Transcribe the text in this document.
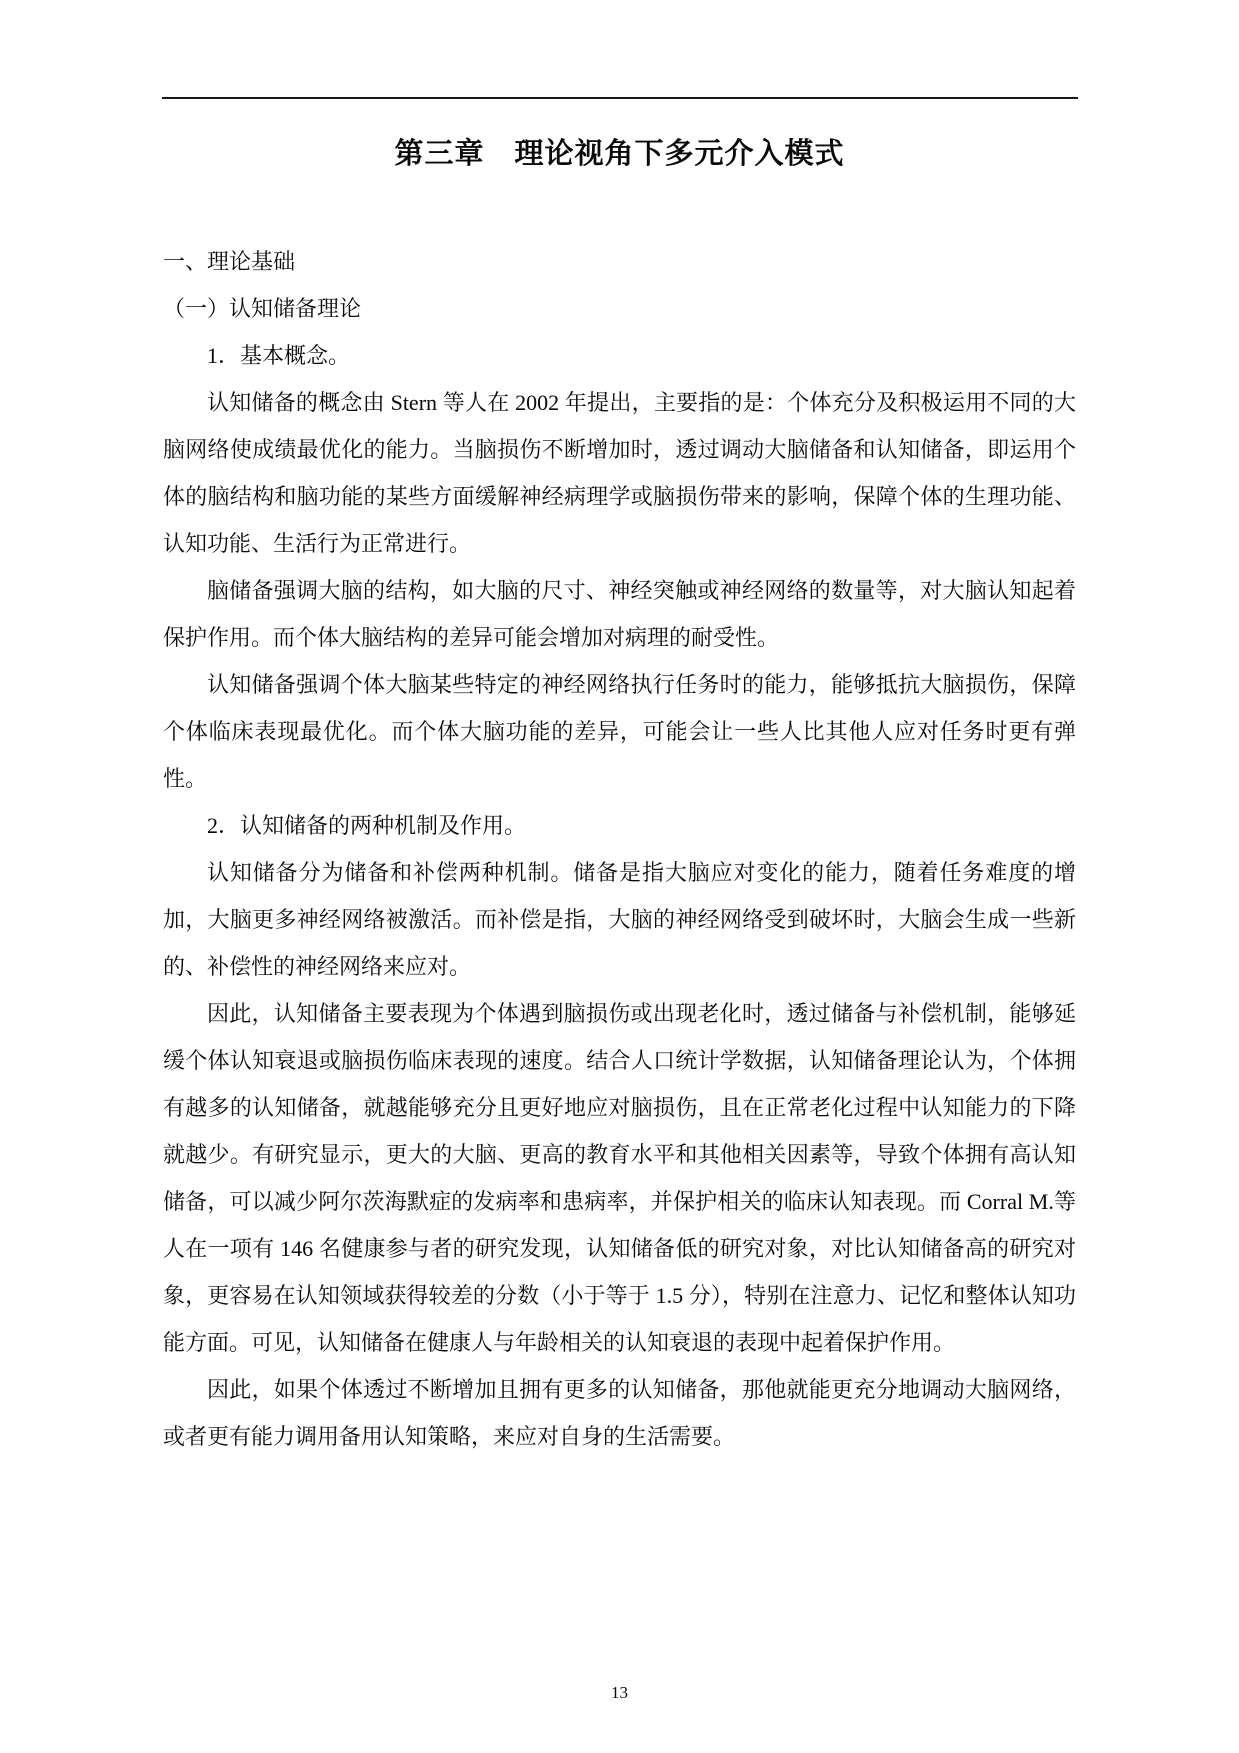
第三章　理论视角下多元介入模式

一、理论基础

（一）认知储备理论

1．基本概念。

认知储备的概念由 Stern 等人在 2002 年提出，主要指的是：个体充分及积极运用不同的大脑网络使成绩最优化的能力。当脑损伤不断增加时，透过调动大脑储备和认知储备，即运用个体的脑结构和脑功能的某些方面缓解神经病理学或脑损伤带来的影响，保障个体的生理功能、认知功能、生活行为正常进行。

脑储备强调大脑的结构，如大脑的尺寸、神经突触或神经网络的数量等，对大脑认知起着保护作用。而个体大脑结构的差异可能会增加对病理的耐受性。

认知储备强调个体大脑某些特定的神经网络执行任务时的能力，能够抵抗大脑损伤，保障个体临床表现最优化。而个体大脑功能的差异，可能会让一些人比其他人应对任务时更有弹性。

2．认知储备的两种机制及作用。

认知储备分为储备和补偿两种机制。储备是指大脑应对变化的能力，随着任务难度的增加，大脑更多神经网络被激活。而补偿是指，大脑的神经网络受到破坏时，大脑会生成一些新的、补偿性的神经网络来应对。

因此，认知储备主要表现为个体遇到脑损伤或出现老化时，透过储备与补偿机制，能够延缓个体认知衰退或脑损伤临床表现的速度。结合人口统计学数据，认知储备理论认为，个体拥有越多的认知储备，就越能够充分且更好地应对脑损伤，且在正常老化过程中认知能力的下降就越少。有研究显示，更大的大脑、更高的教育水平和其他相关因素等，导致个体拥有高认知储备，可以减少阿尔茨海默症的发病率和患病率，并保护相关的临床认知表现。而 Corral M.等人在一项有 146 名健康参与者的研究发现，认知储备低的研究对象，对比认知储备高的研究对象，更容易在认知领域获得较差的分数（小于等于 1.5 分），特别在注意力、记忆和整体认知功能方面。可见，认知储备在健康人与年龄相关的认知衰退的表现中起着保护作用。

因此，如果个体透过不断增加且拥有更多的认知储备，那他就能更充分地调动大脑网络，或者更有能力调用备用认知策略，来应对自身的生活需要。

13
